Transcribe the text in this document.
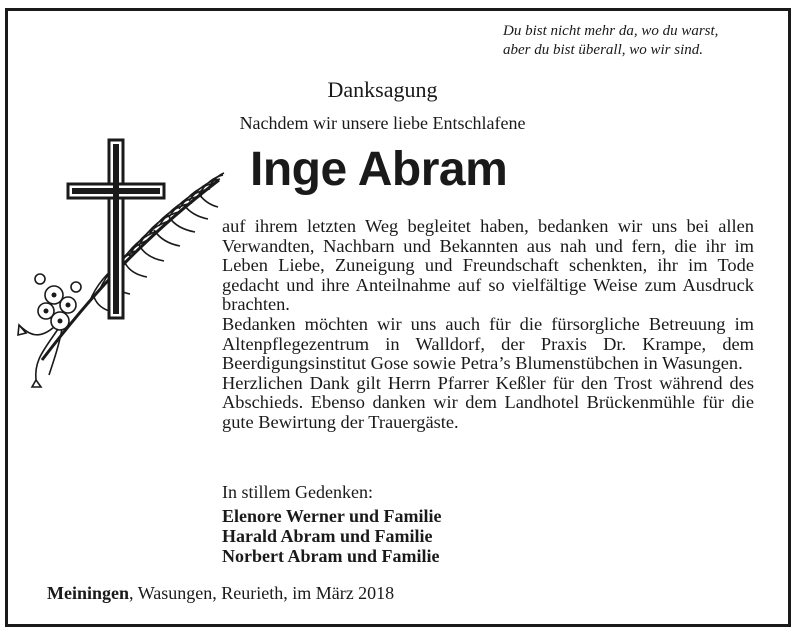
Du bist nicht mehr da, wo du warst,
aber du bist überall, wo wir sind.
Danksagung
Nachdem wir unsere liebe Entschlafene
Inge Abram

auf ihrem letzten Weg begleitet haben, bedanken wir uns bei allen Verwandten, Nachbarn und Bekannten aus nah und fern, die ihr im Leben Liebe, Zuneigung und Freundschaft schenkten, ihr im Tode gedacht und ihre Anteilnahme auf so vielfältige Weise zum Ausdruck brachten.

Bedanken möchten wir uns auch für die fürsorgliche Betreuung im Altenpflegezentrum in Walldorf, der Praxis Dr. Krampe, dem Beerdigungsinstitut Gose sowie Petra’s Blumenstübchen in Wasungen.

Herzlichen Dank gilt Herrn Pfarrer Keßler für den Trost während des Abschieds. Ebenso danken wir dem Landhotel Brückenmühle für die gute Bewirtung der Trauergäste.

In stillem Gedenken:
Elenore Werner und Familie
Harald Abram und Familie
Norbert Abram und Familie
Meiningen, Wasungen, Reurieth, im März 2018
